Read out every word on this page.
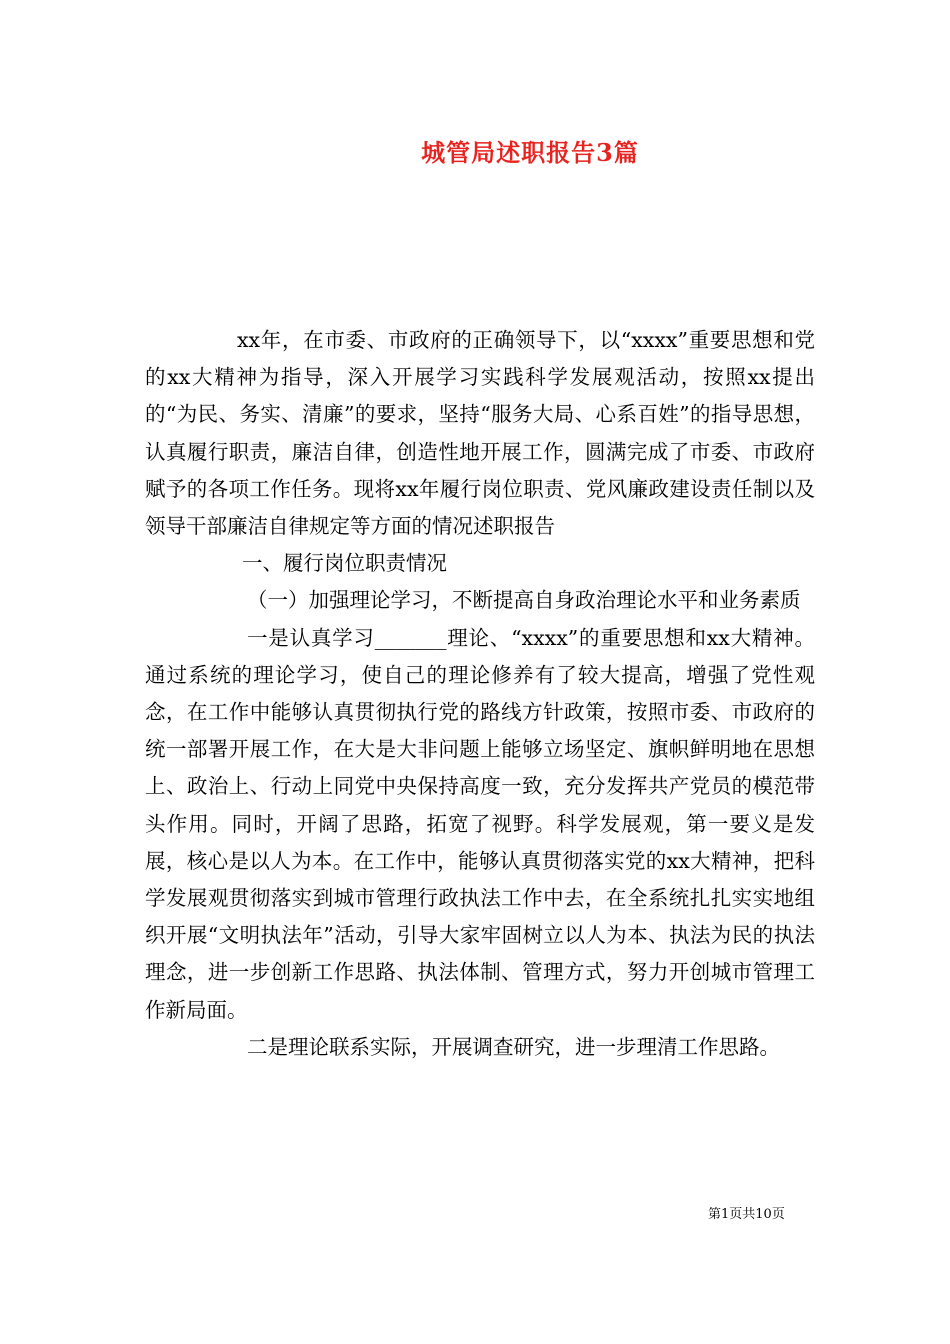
城管局述职报告3篇

xx年，在市委、市政府的正确领导下，以“xxxx”重要思想和党的xx大精神为指导，深入开展学习实践科学发展观活动，按照xx提出的“为民、务实、清廉”的要求，坚持“服务大局、心系百姓”的指导思想，认真履行职责，廉洁自律，创造性地开展工作，圆满完成了市委、市政府赋予的各项工作任务。现将xx年履行岗位职责、党风廉政建设责任制以及领导干部廉洁自律规定等方面的情况述职报告

一、履行岗位职责情况

（一）加强理论学习，不断提高自身政治理论水平和业务素质

一是认真学习_______理论、“xxxx”的重要思想和xx大精神。通过系统的理论学习，使自己的理论修养有了较大提高，增强了党性观念，在工作中能够认真贯彻执行党的路线方针政策，按照市委、市政府的统一部署开展工作，在大是大非问题上能够立场坚定、旗帜鲜明地在思想上、政治上、行动上同党中央保持高度一致，充分发挥共产党员的模范带头作用。同时，开阔了思路，拓宽了视野。科学发展观，第一要义是发展，核心是以人为本。在工作中，能够认真贯彻落实党的xx大精神，把科学发展观贯彻落实到城市管理行政执法工作中去，在全系统扎扎实实地组织开展“文明执法年”活动，引导大家牢固树立以人为本、执法为民的执法理念，进一步创新工作思路、执法体制、管理方式，努力开创城市管理工作新局面。

二是理论联系实际，开展调查研究，进一步理清工作思路。

第1页共10页
